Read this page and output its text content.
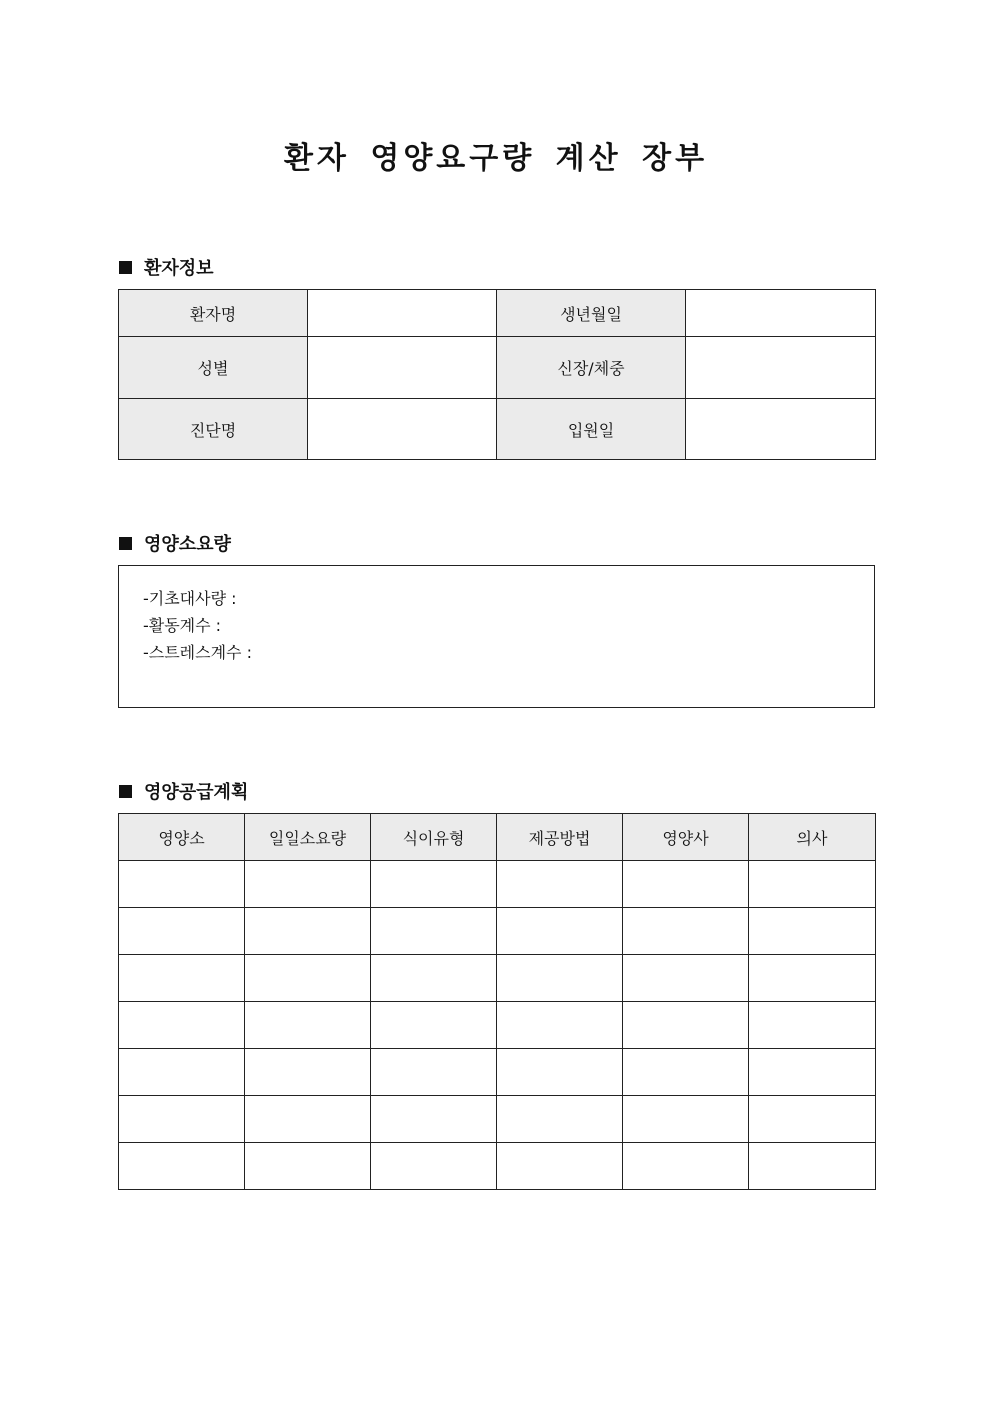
환자 영양요구량 계산 장부
환자정보
환자명		생년월일	
성별		신장/체중	
진단명		입원일	
영양소요량
-기초대사량 :
-활동계수 :
-스트레스계수 :
영양공급계획
영양소	일일소요량	식이유형	제공방법	영양사	의사
